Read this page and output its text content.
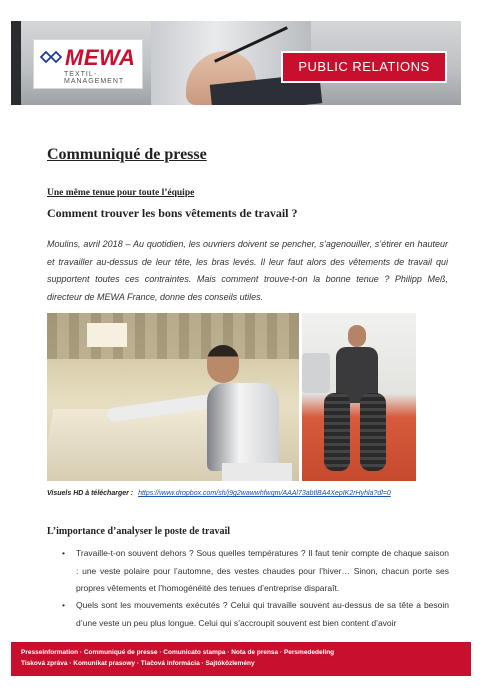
MEWA
TEXTIL-MANAGEMENT
PUBLIC RELATIONS
Communiqué de presse
Une même tenue pour toute l’équipe
Comment trouver les bons vêtements de travail ?

Moulins, avril 2018 – Au quotidien, les ouvriers doivent se pencher, s’agenouiller, s’étirer en hauteur et travailler au-dessus de leur tête, les bras levés. Il leur faut alors des vêtements de travail qui supportent toutes ces contraintes. Mais comment trouve-t-on la bonne tenue ? Philipp Meß, directeur de MEWA France, donne des conseils utiles.

Visuels HD à télécharger : https://www.dropbox.com/sh/j9g2wawwhfwqm/AAAl73abtlBA4XepIK2rHyhla?dl=0
L’importance d’analyser le poste de travail
• Travaille-t-on souvent dehors ? Sous quelles températures ? Il faut tenir compte de chaque saison : une veste polaire pour l’automne, des vestes chaudes pour l’hiver… Sinon, chacun porte ses propres vêtements et l’homogénéité des tenues d’entreprise disparaît.
• Quels sont les mouvements exécutés ? Celui qui travaille souvent au-dessus de sa tête a besoin d’une veste un peu plus longue. Celui qui s’accroupit souvent est bien content d’avoir
Presseinformation · Communiqué de presse · Comunicato stampa · Nota de prensa · Persmededeling
Tisková zpráva · Komunikat prasowy · Tlačová informácia · Sajtóközlemény
